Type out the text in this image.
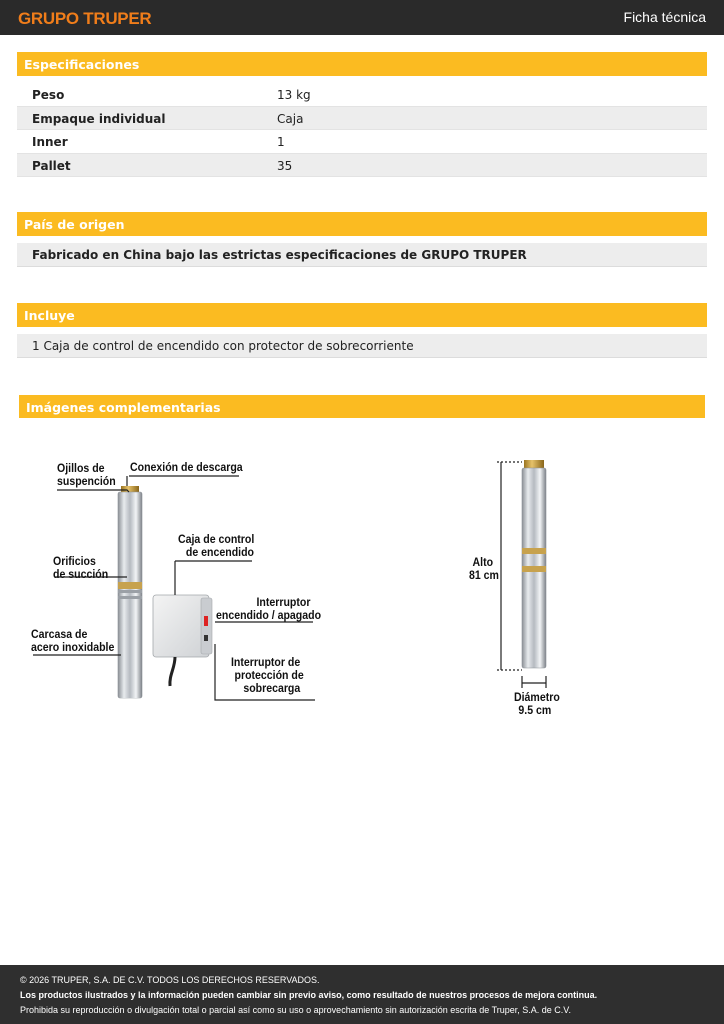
GRUPO TRUPER	Ficha técnica
Especificaciones
Peso	13 kg
Empaque individual	Caja
Inner	1
Pallet	35
País de origen
Fabricado en China bajo las estrictas especificaciones de GRUPO TRUPER
Incluye
1 Caja de control de encendido con protector de sobrecorriente
Imágenes complementarias
Ojillos de
suspención
Conexión de descarga
Caja de control
de encendido
Orificios
de succión
Interruptor
encendido / apagado
Carcasa de
acero inoxidable
Interruptor de
protección de
sobrecarga
Alto
81 cm
Diámetro
9.5 cm

© 2026 TRUPER, S.A. DE C.V. TODOS LOS DERECHOS RESERVADOS.

Los productos ilustrados y la información pueden cambiar sin previo aviso, como resultado de nuestros procesos de mejora continua.

Prohibida su reproducción o divulgación total o parcial así como su uso o aprovechamiento sin autorización escrita de Truper, S.A. de C.V.
